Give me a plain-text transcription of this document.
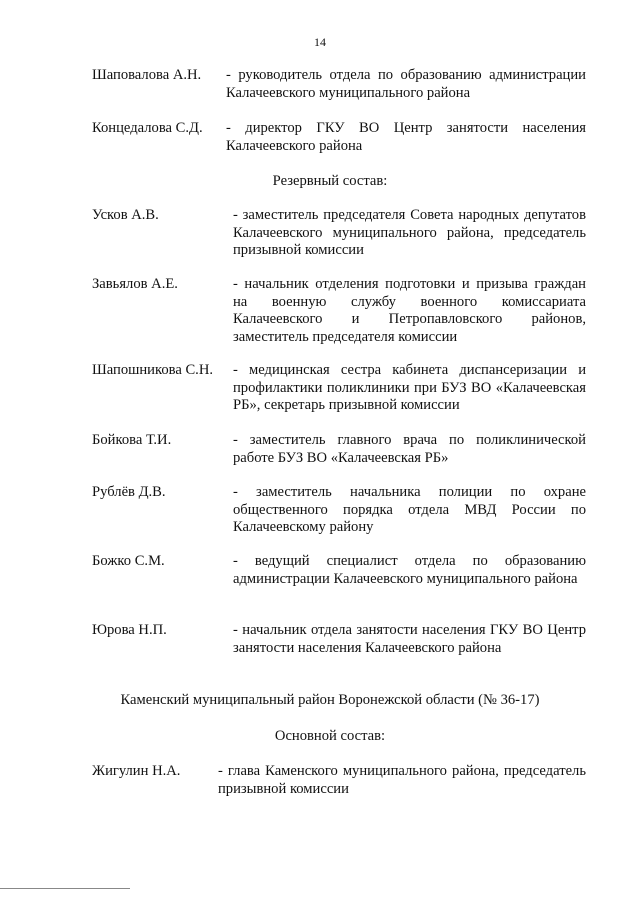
14
Шаповалова А.Н. - руководитель отдела по образованию администрации Калачеевского муниципального района
Концедалова С.Д. - директор ГКУ ВО Центр занятости населения Калачеевского района
Резервный состав:
Усков А.В.	- заместитель председателя Совета народных депутатов Калачеевского муниципального района, председатель призывной комиссии
Завьялов А.Е.	- начальник отделения подготовки и призыва граждан на военную службу военного комиссариата Калачеевского и Петропавловского районов, заместитель председателя комиссии
Шапошникова С.Н. - медицинская сестра кабинета диспансеризации и профилактики поликлиники при БУЗ ВО «Калачеевская РБ», секретарь призывной комиссии
Бойкова Т.И.	- заместитель главного врача по поликлинической работе БУЗ ВО «Калачеевская РБ»
Рублёв Д.В.	- заместитель начальника полиции по охране общественного порядка отдела МВД России по Калачеевскому району
Божко С.М.	- ведущий специалист отдела по образованию администрации Калачеевского муниципального района
Юрова Н.П.	- начальник отдела занятости населения ГКУ ВО Центр занятости населения Калачеевского района
Каменский муниципальный район Воронежской области (№ 36-17)
Основной состав:
Жигулин Н.А.	- глава Каменского муниципального района, председатель призывной комиссии
